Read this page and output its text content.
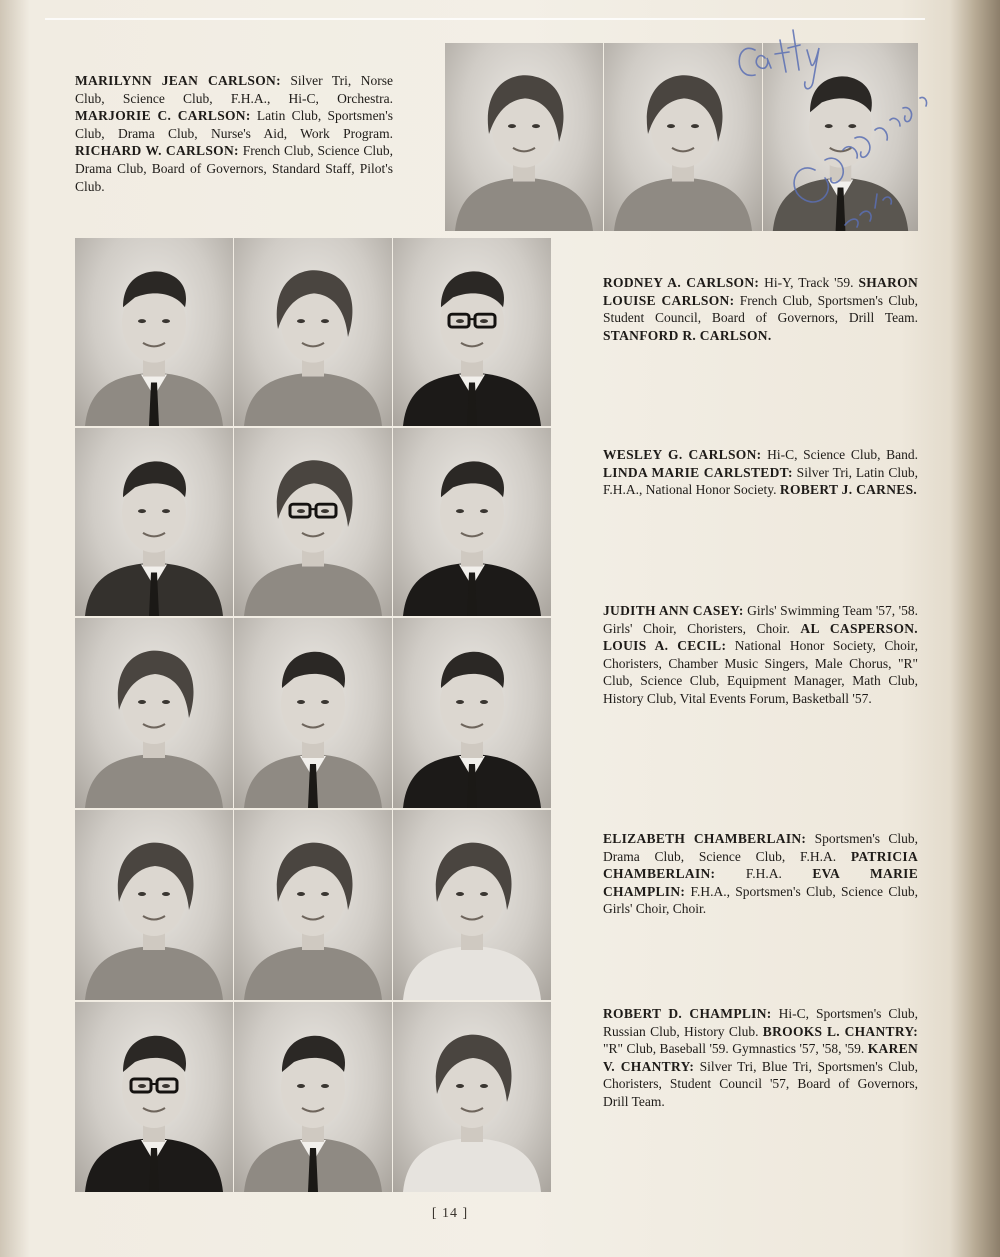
MARILYNN JEAN CARLSON: Silver Tri, Norse Club, Science Club, F.H.A., Hi-C, Orchestra. MARJORIE C. CARLSON: Latin Club, Sportsmen's Club, Drama Club, Nurse's Aid, Work Program. RICHARD W. CARLSON: French Club, Science Club, Drama Club, Board of Governors, Standard Staff, Pilot's Club.

RODNEY A. CARLSON: Hi-Y, Track '59. SHARON LOUISE CARLSON: French Club, Sportsmen's Club, Student Council, Board of Governors, Drill Team. STANFORD R. CARLSON.

WESLEY G. CARLSON: Hi-C, Science Club, Band. LINDA MARIE CARLSTEDT: Silver Tri, Latin Club, F.H.A., National Honor Society. ROBERT J. CARNES.

JUDITH ANN CASEY: Girls' Swimming Team '57, '58. Girls' Choir, Choristers, Choir. AL CASPERSON. LOUIS A. CECIL: National Honor Society, Choir, Choristers, Chamber Music Singers, Male Chorus, "R" Club, Science Club, Equipment Manager, Math Club, History Club, Vital Events Forum, Basketball '57.

ELIZABETH CHAMBERLAIN: Sportsmen's Club, Drama Club, Science Club, F.H.A. PATRICIA CHAMBERLAIN: F.H.A. EVA MARIE CHAMPLIN: F.H.A., Sportsmen's Club, Science Club, Girls' Choir, Choir.

ROBERT D. CHAMPLIN: Hi-C, Sportsmen's Club, Russian Club, History Club. BROOKS L. CHANTRY: "R" Club, Baseball '59. Gymnastics '57, '58, '59. KAREN V. CHANTRY: Silver Tri, Blue Tri, Sportsmen's Club, Choristers, Student Council '57, Board of Governors, Drill Team.

[ 14 ]
